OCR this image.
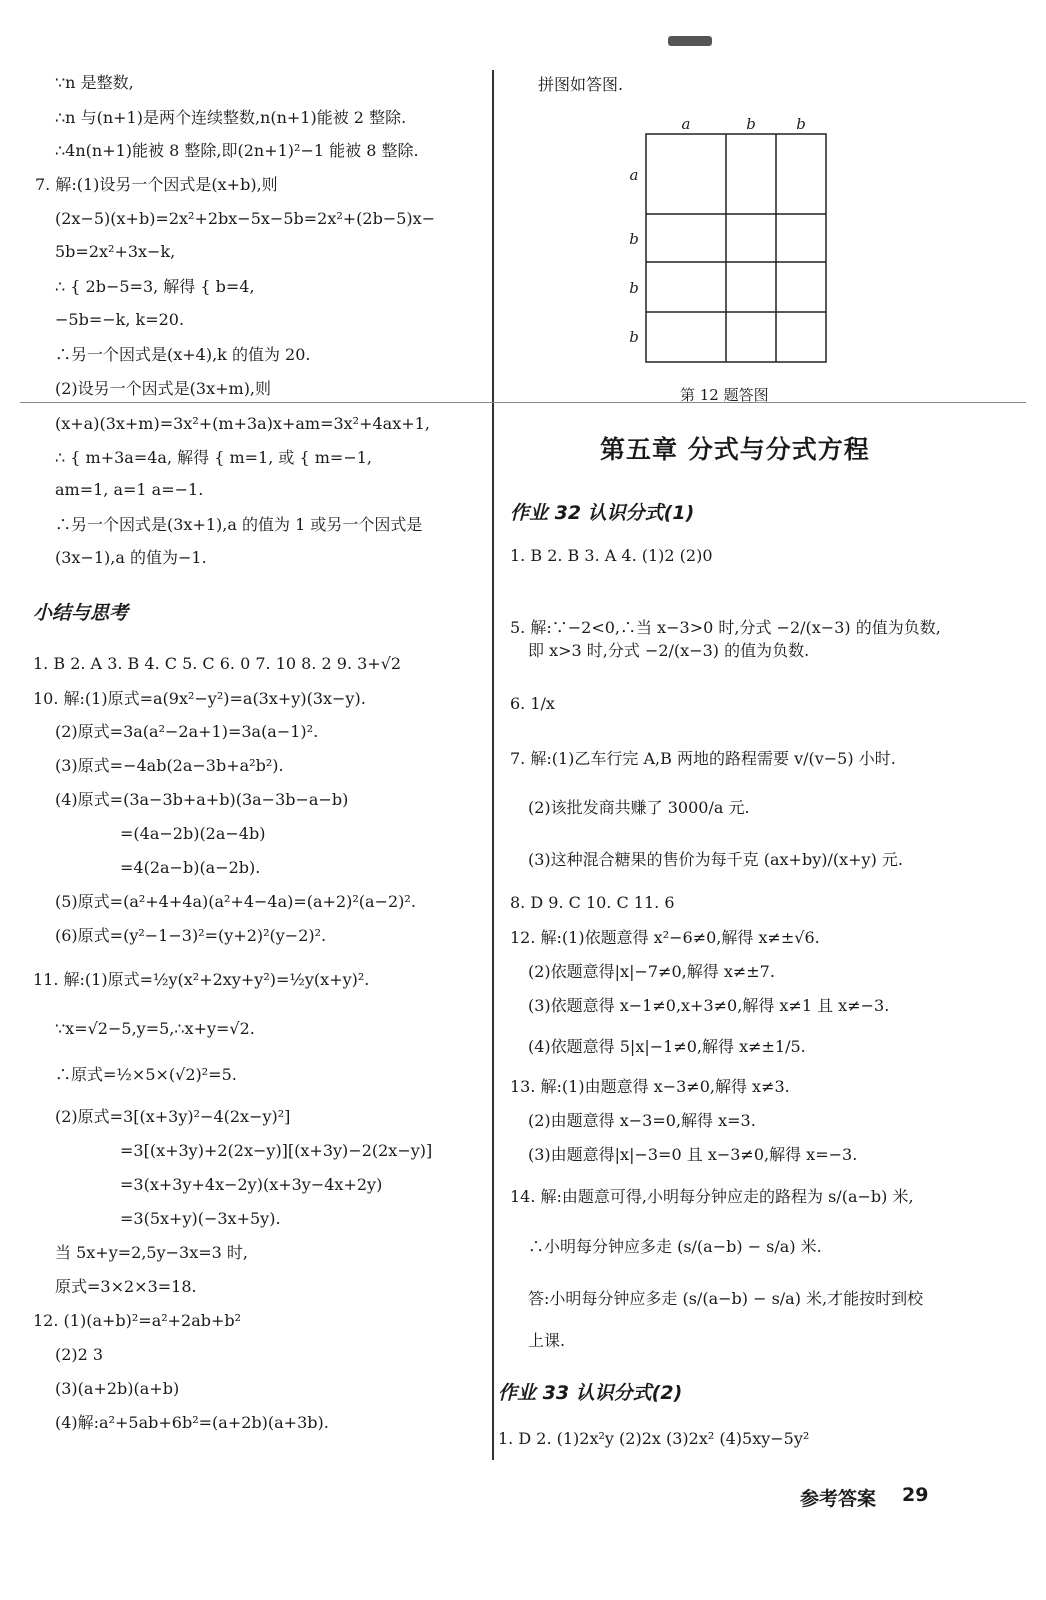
∵n 是整数,
∴n 与(n+1)是两个连续整数,n(n+1)能被 2 整除.
∴4n(n+1)能被 8 整除,即(2n+1)²−1 能被 8 整除.
7. 解:(1)设另一个因式是(x+b),则
(2x−5)(x+b)=2x²+2bx−5x−5b=2x²+(2b−5)x−
5b=2x²+3x−k,
∴ { 2b−5=3, 解得 { b=4,
−5b=−k, k=20.
∴另一个因式是(x+4),k 的值为 20.
(2)设另一个因式是(3x+m),则
(x+a)(3x+m)=3x²+(m+3a)x+am=3x²+4ax+1,
∴ { m+3a=4a, 解得 { m=1, 或 { m=−1,
am=1, a=1 a=−1.
∴另一个因式是(3x+1),a 的值为 1 或另一个因式是
(3x−1),a 的值为−1.
小结与思考
1. B 2. A 3. B 4. C 5. C 6. 0 7. 10 8. 2 9. 3+√2
10. 解:(1)原式=a(9x²−y²)=a(3x+y)(3x−y).
(2)原式=3a(a²−2a+1)=3a(a−1)².
(3)原式=−4ab(2a−3b+a²b²).
(4)原式=(3a−3b+a+b)(3a−3b−a−b)
=(4a−2b)(2a−4b)
=4(2a−b)(a−2b).
(5)原式=(a²+4+4a)(a²+4−4a)=(a+2)²(a−2)².
(6)原式=(y²−1−3)²=(y+2)²(y−2)².
11. 解:(1)原式=½y(x²+2xy+y²)=½y(x+y)².
∵x=√2−5,y=5,∴x+y=√2.
∴原式=½×5×(√2)²=5.
(2)原式=3[(x+3y)²−4(2x−y)²]
=3[(x+3y)+2(2x−y)][(x+3y)−2(2x−y)]
=3(x+3y+4x−2y)(x+3y−4x+2y)
=3(5x+y)(−3x+5y).
当 5x+y=2,5y−3x=3 时,
原式=3×2×3=18.
12. (1)(a+b)²=a²+2ab+b²
(2)2 3
(3)(a+2b)(a+b)
(4)解:a²+5ab+6b²=(a+2b)(a+3b).
拼图如答图.
a	b	b
a
b
b
b
第 12 题答图
第五章 分式与分式方程
作业 32 认识分式(1)
1. B 2. B 3. A 4. (1)2 (2)0
5. 解:∵−2<0,∴当 x−3>0 时,分式 −2/(x−3) 的值为负数,
即 x>3 时,分式 −2/(x−3) 的值为负数.
6. 1/x
7. 解:(1)乙车行完 A,B 两地的路程需要 v/(v−5) 小时.
(2)该批发商共赚了 3000/a 元.
(3)这种混合糖果的售价为每千克 (ax+by)/(x+y) 元.
8. D 9. C 10. C 11. 6
12. 解:(1)依题意得 x²−6≠0,解得 x≠±√6.
(2)依题意得|x|−7≠0,解得 x≠±7.
(3)依题意得 x−1≠0,x+3≠0,解得 x≠1 且 x≠−3.
(4)依题意得 5|x|−1≠0,解得 x≠±1/5.
13. 解:(1)由题意得 x−3≠0,解得 x≠3.
(2)由题意得 x−3=0,解得 x=3.
(3)由题意得|x|−3=0 且 x−3≠0,解得 x=−3.
14. 解:由题意可得,小明每分钟应走的路程为 s/(a−b) 米,
∴小明每分钟应多走 (s/(a−b) − s/a) 米.
答:小明每分钟应多走 (s/(a−b) − s/a) 米,才能按时到校
上课.
作业 33 认识分式(2)
1. D 2. (1)2x²y (2)2x (3)2x² (4)5xy−5y²
参考答案 29
